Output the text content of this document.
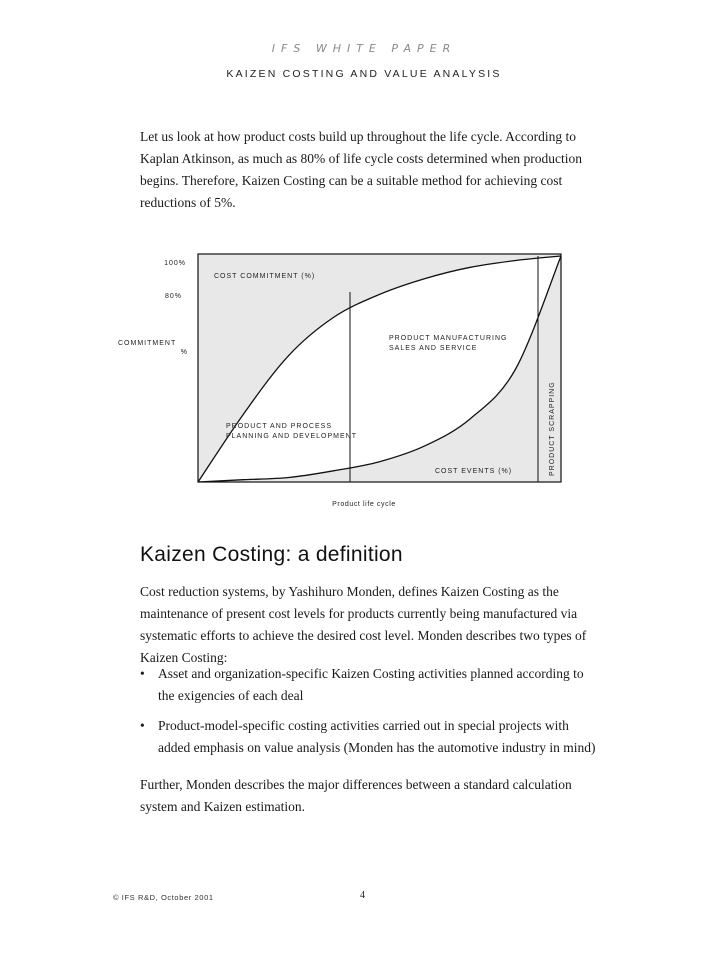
IFS WHITE PAPER
KAIZEN COSTING AND VALUE ANALYSIS

Let us look at how product costs build up throughout the life cycle. According to Kaplan Atkinson, as much as 80% of life cycle costs determined when production begins. Therefore, Kaizen Costing can be a suitable method for achieving cost reductions of 5%.

100%
80%
COMMITMENT
%
COST COMMITMENT (%)
PRODUCT MANUFACTURING
SALES AND SERVICE
PRODUCT AND PROCESS
PLANNING AND DEVELOPMENT
COST EVENTS (%)	PRODUCT SCRAPPING
Product life cycle
Kaizen Costing: a definition

Cost reduction systems, by Yashihuro Monden, defines Kaizen Costing as the maintenance of present cost levels for products currently being manufactured via systematic efforts to achieve the desired cost level. Monden describes two types of Kaizen Costing:

• Asset and organization-specific Kaizen Costing activities planned according to the exigencies of each deal
• Product-model-specific costing activities carried out in special projects with added emphasis on value analysis (Monden has the automotive industry in mind)

Further, Monden describes the major differences between a standard calculation system and Kaizen estimation.

© IFS R&D, October 2001	4
